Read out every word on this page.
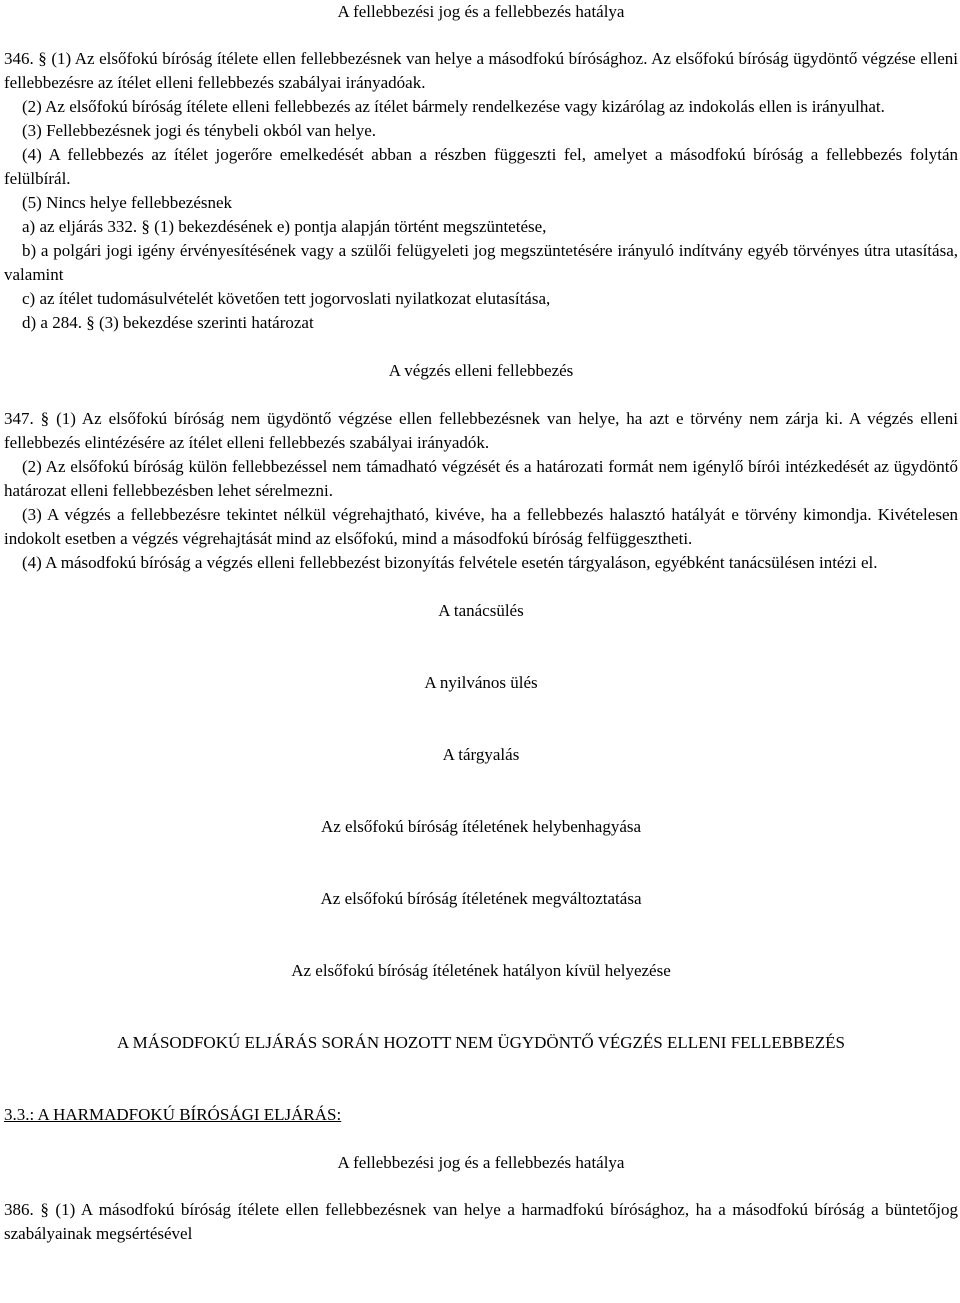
A fellebbezési jog és a fellebbezés hatálya

346. § (1) Az elsőfokú bíróság ítélete ellen fellebbezésnek van helye a másodfokú bírósághoz. Az elsőfokú bíróság ügydöntő végzése elleni fellebbezésre az ítélet elleni fellebbezés szabályai irányadóak.

(2) Az elsőfokú bíróság ítélete elleni fellebbezés az ítélet bármely rendelkezése vagy kizárólag az indokolás ellen is irányulhat.

(3) Fellebbezésnek jogi és ténybeli okból van helye.

(4) A fellebbezés az ítélet jogerőre emelkedését abban a részben függeszti fel, amelyet a másodfokú bíróság a fellebbezés folytán felülbírál.

(5) Nincs helye fellebbezésnek

a) az eljárás 332. § (1) bekezdésének e) pontja alapján történt megszüntetése,

b) a polgári jogi igény érvényesítésének vagy a szülői felügyeleti jog megszüntetésére irányuló indítvány egyéb törvényes útra utasítása, valamint

c) az ítélet tudomásulvételét követően tett jogorvoslati nyilatkozat elutasítása,

d) a 284. § (3) bekezdése szerinti határozat

A végzés elleni fellebbezés

347. § (1) Az elsőfokú bíróság nem ügydöntő végzése ellen fellebbezésnek van helye, ha azt e törvény nem zárja ki. A végzés elleni fellebbezés elintézésére az ítélet elleni fellebbezés szabályai irányadók.

(2) Az elsőfokú bíróság külön fellebbezéssel nem támadható végzését és a határozati formát nem igénylő bírói intézkedését az ügydöntő határozat elleni fellebbezésben lehet sérelmezni.

(3) A végzés a fellebbezésre tekintet nélkül végrehajtható, kivéve, ha a fellebbezés halasztó hatályát e törvény kimondja. Kivételesen indokolt esetben a végzés végrehajtását mind az elsőfokú, mind a másodfokú bíróság felfüggesztheti.

(4) A másodfokú bíróság a végzés elleni fellebbezést bizonyítás felvétele esetén tárgyaláson, egyébként tanácsülésen intézi el.

A tanácsülés

A nyilvános ülés

A tárgyalás

Az elsőfokú bíróság ítéletének helybenhagyása

Az elsőfokú bíróság ítéletének megváltoztatása

Az elsőfokú bíróság ítéletének hatályon kívül helyezése

A MÁSODFOKÚ ELJÁRÁS SORÁN HOZOTT NEM ÜGYDÖNTŐ VÉGZÉS ELLENI FELLEBBEZÉS

3.3.: A HARMADFOKÚ BÍRÓSÁGI ELJÁRÁS:

A fellebbezési jog és a fellebbezés hatálya

386. § (1) A másodfokú bíróság ítélete ellen fellebbezésnek van helye a harmadfokú bírósághoz, ha a másodfokú bíróság a büntetőjog szabályainak megsértésével
